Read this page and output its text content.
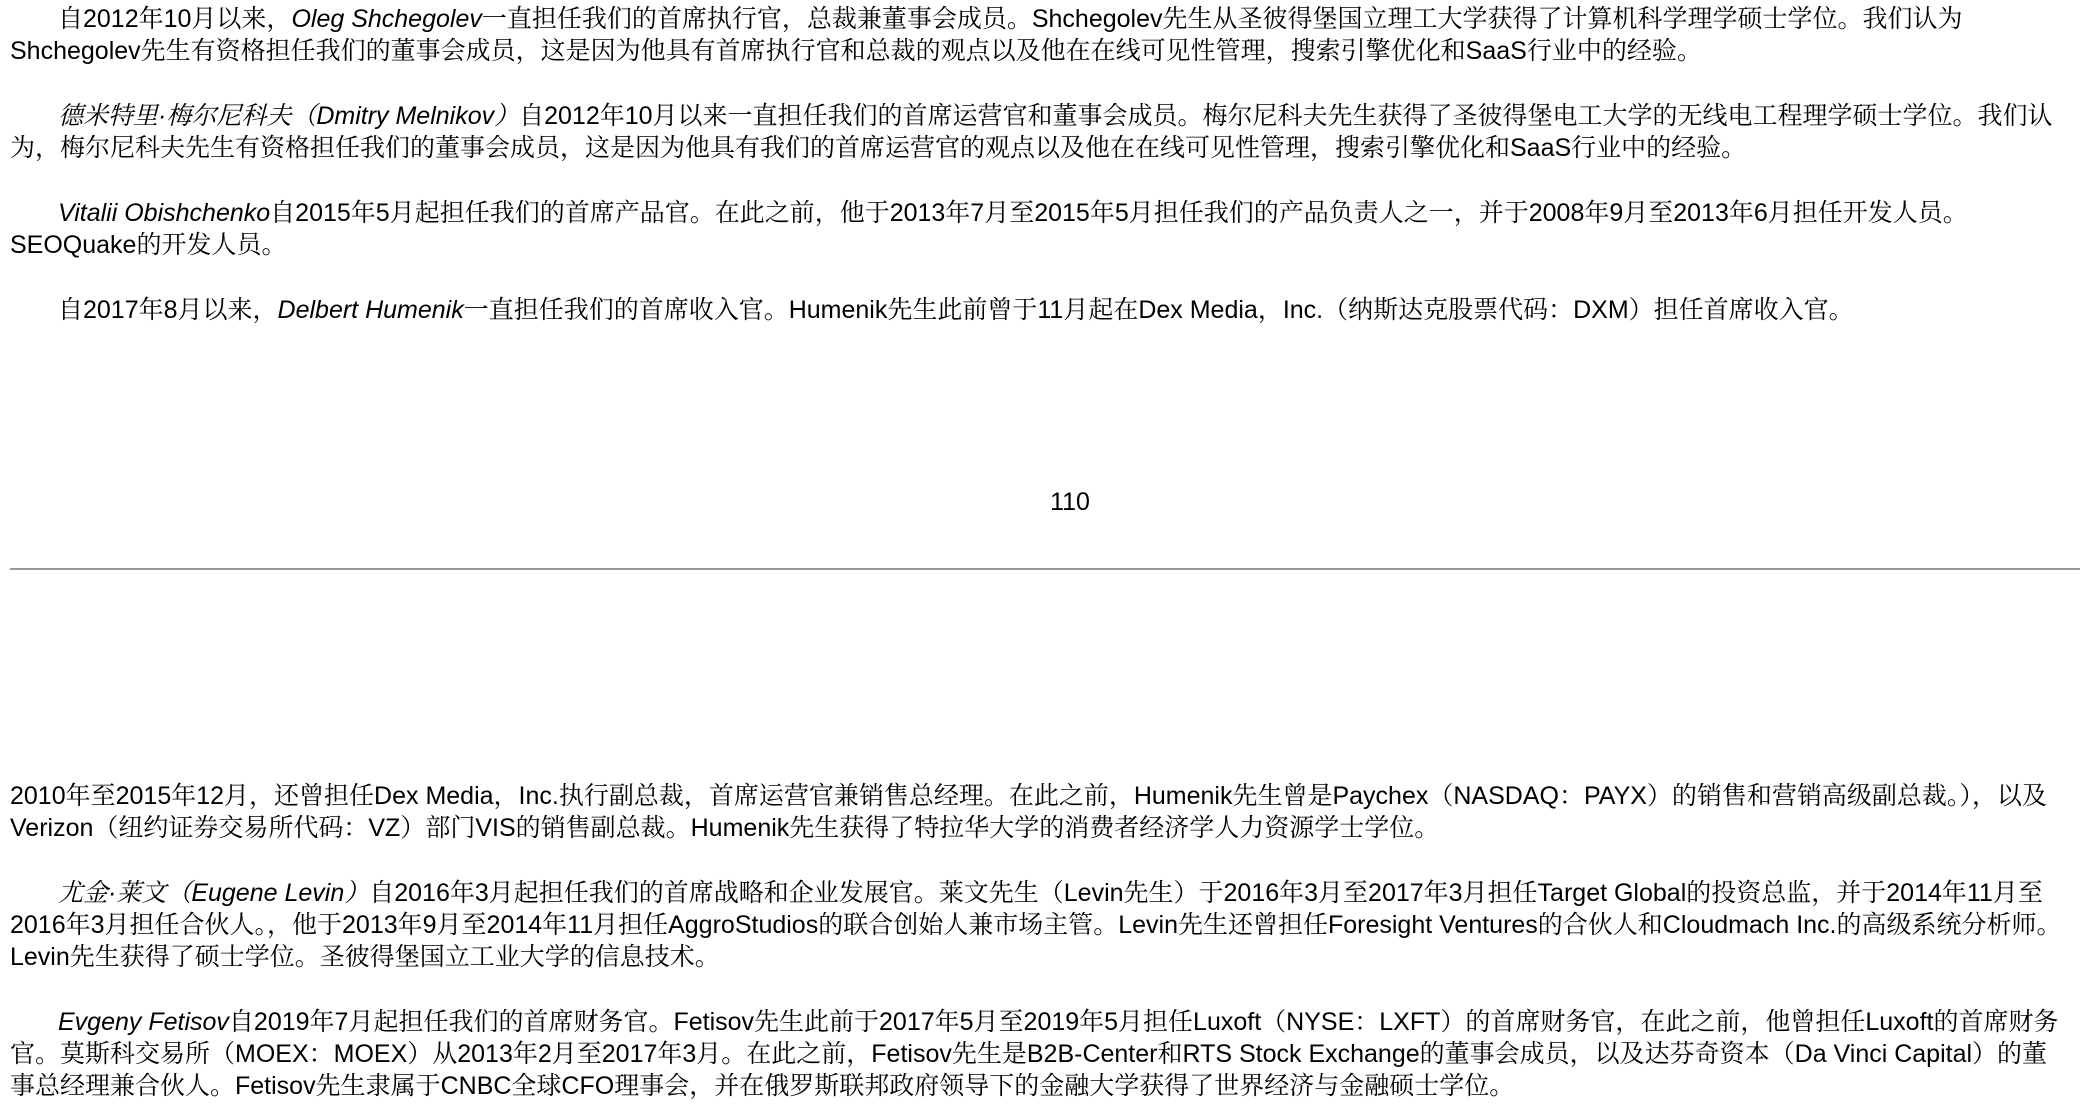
自2012年10月以来，Oleg Shchegolev一直担任我们的首席执行官，总裁兼董事会成员。Shchegolev先生从圣彼得堡国立理工大学获得了计算机科学理学硕士学位。我们认为Shchegolev先生有资格担任我们的董事会成员，这是因为他具有首席执行官和总裁的观点以及他在在线可见性管理，搜索引擎优化和SaaS行业中的经验。

德米特里·梅尔尼科夫（Dmitry Melnikov）自2012年10月以来一直担任我们的首席运营官和董事会成员。梅尔尼科夫先生获得了圣彼得堡电工大学的无线电工程理学硕士学位。我们认为，梅尔尼科夫先生有资格担任我们的董事会成员，这是因为他具有我们的首席运营官的观点以及他在在线可见性管理，搜索引擎优化和SaaS行业中的经验。

Vitalii Obishchenko自2015年5月起担任我们的首席产品官。在此之前，他于2013年7月至2015年5月担任我们的产品负责人之一，并于2008年9月至2013年6月担任开发人员。 SEOQuake的开发人员。

自2017年8月以来，Delbert Humenik一直担任我们的首席收入官。Humenik先生此前曾于11月起在Dex Media，Inc.（纳斯达克股票代码：DXM）担任首席收入官。

110

2010年至2015年12月，还曾担任Dex Media，Inc.执行副总裁，首席运营官兼销售总经理。在此之前，Humenik先生曾是Paychex（NASDAQ：PAYX）的销售和营销高级副总裁。），以及Verizon（纽约证券交易所代码：VZ）部门VIS的销售副总裁。Humenik先生获得了特拉华大学的消费者经济学人力资源学士学位。

尤金·莱文（Eugene Levin）自2016年3月起担任我们的首席战略和企业发展官。莱文先生（Levin先生）于2016年3月至2017年3月担任Target Global的投资总监，并于2014年11月至2016年3月担任合伙人。，他于2013年9月至2014年11月担任AggroStudios的联合创始人兼市场主管。Levin先生还曾担任Foresight Ventures的合伙人和Cloudmach Inc.的高级系统分析师。Levin先生获得了硕士学位。圣彼得堡国立工业大学的信息技术。

Evgeny Fetisov自2019年7月起担任我们的首席财务官。Fetisov先生此前于2017年5月至2019年5月担任Luxoft（NYSE：LXFT）的首席财务官，在此之前，他曾担任Luxoft的首席财务官。莫斯科交易所（MOEX：MOEX）从2013年2月至2017年3月。在此之前，Fetisov先生是B2B-Center和RTS Stock Exchange的董事会成员，以及达芬奇资本（Da Vinci Capital）的董事总经理兼合伙人。Fetisov先生隶属于CNBC全球CFO理事会，并在俄罗斯联邦政府领导下的金融大学获得了世界经济与金融硕士学位。
